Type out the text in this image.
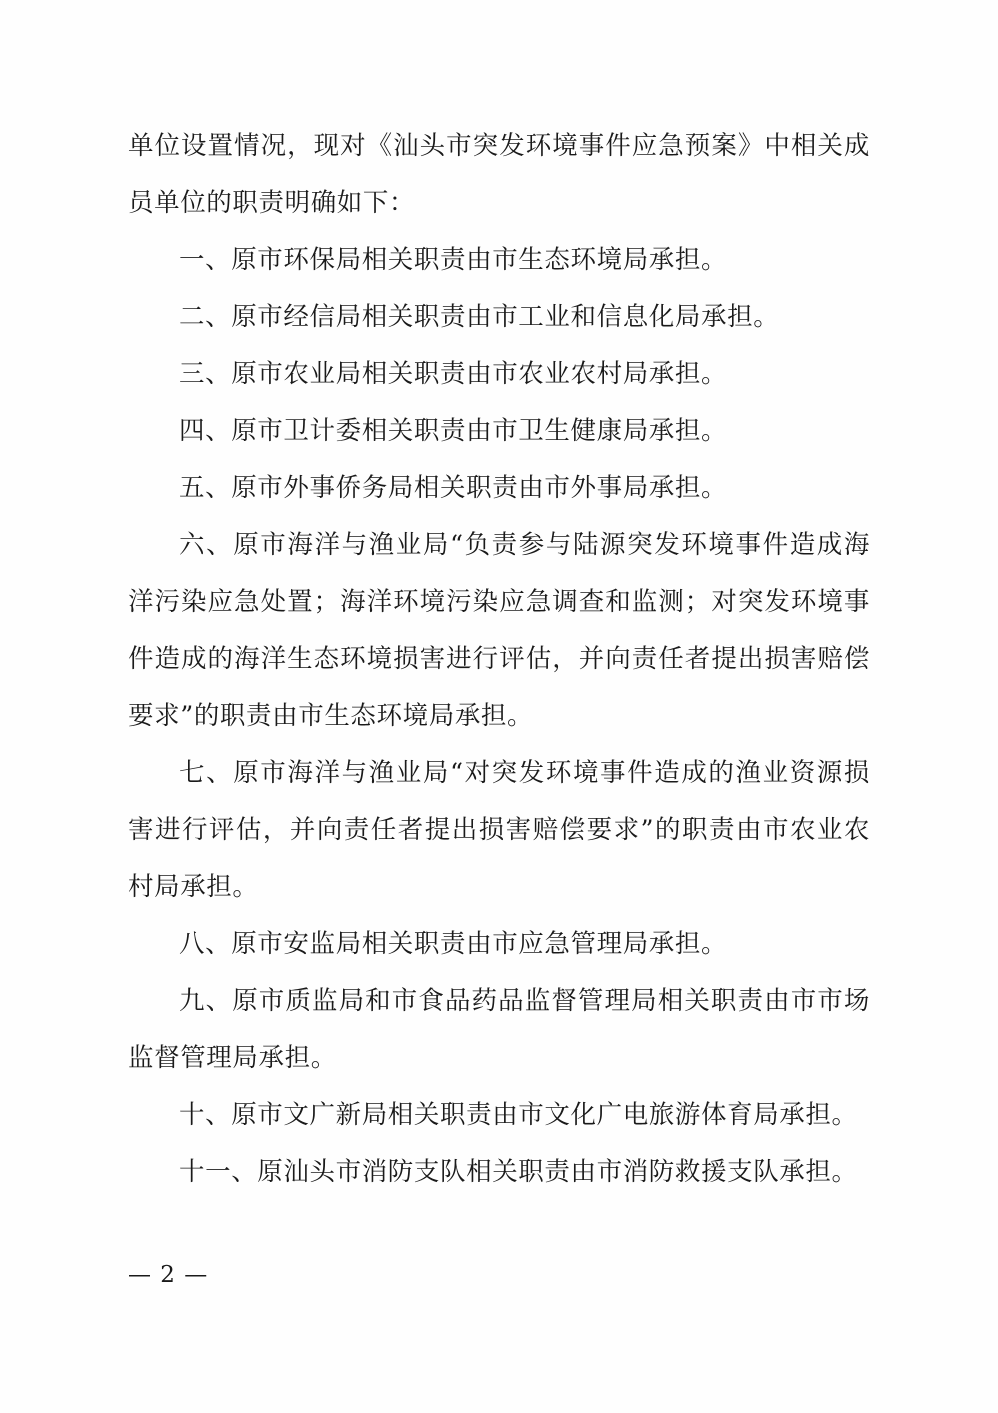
单位设置情况，现对《汕头市突发环境事件应急预案》中相关成员单位的职责明确如下：

一、原市环保局相关职责由市生态环境局承担。

二、原市经信局相关职责由市工业和信息化局承担。

三、原市农业局相关职责由市农业农村局承担。

四、原市卫计委相关职责由市卫生健康局承担。

五、原市外事侨务局相关职责由市外事局承担。

六、原市海洋与渔业局“负责参与陆源突发环境事件造成海洋污染应急处置；海洋环境污染应急调查和监测；对突发环境事件造成的海洋生态环境损害进行评估，并向责任者提出损害赔偿要求”的职责由市生态环境局承担。

七、原市海洋与渔业局“对突发环境事件造成的渔业资源损害进行评估，并向责任者提出损害赔偿要求”的职责由市农业农村局承担。

八、原市安监局相关职责由市应急管理局承担。

九、原市质监局和市食品药品监督管理局相关职责由市市场监督管理局承担。

十、原市文广新局相关职责由市文化广电旅游体育局承担。

十一、原汕头市消防支队相关职责由市消防救援支队承担。

— 2 —
